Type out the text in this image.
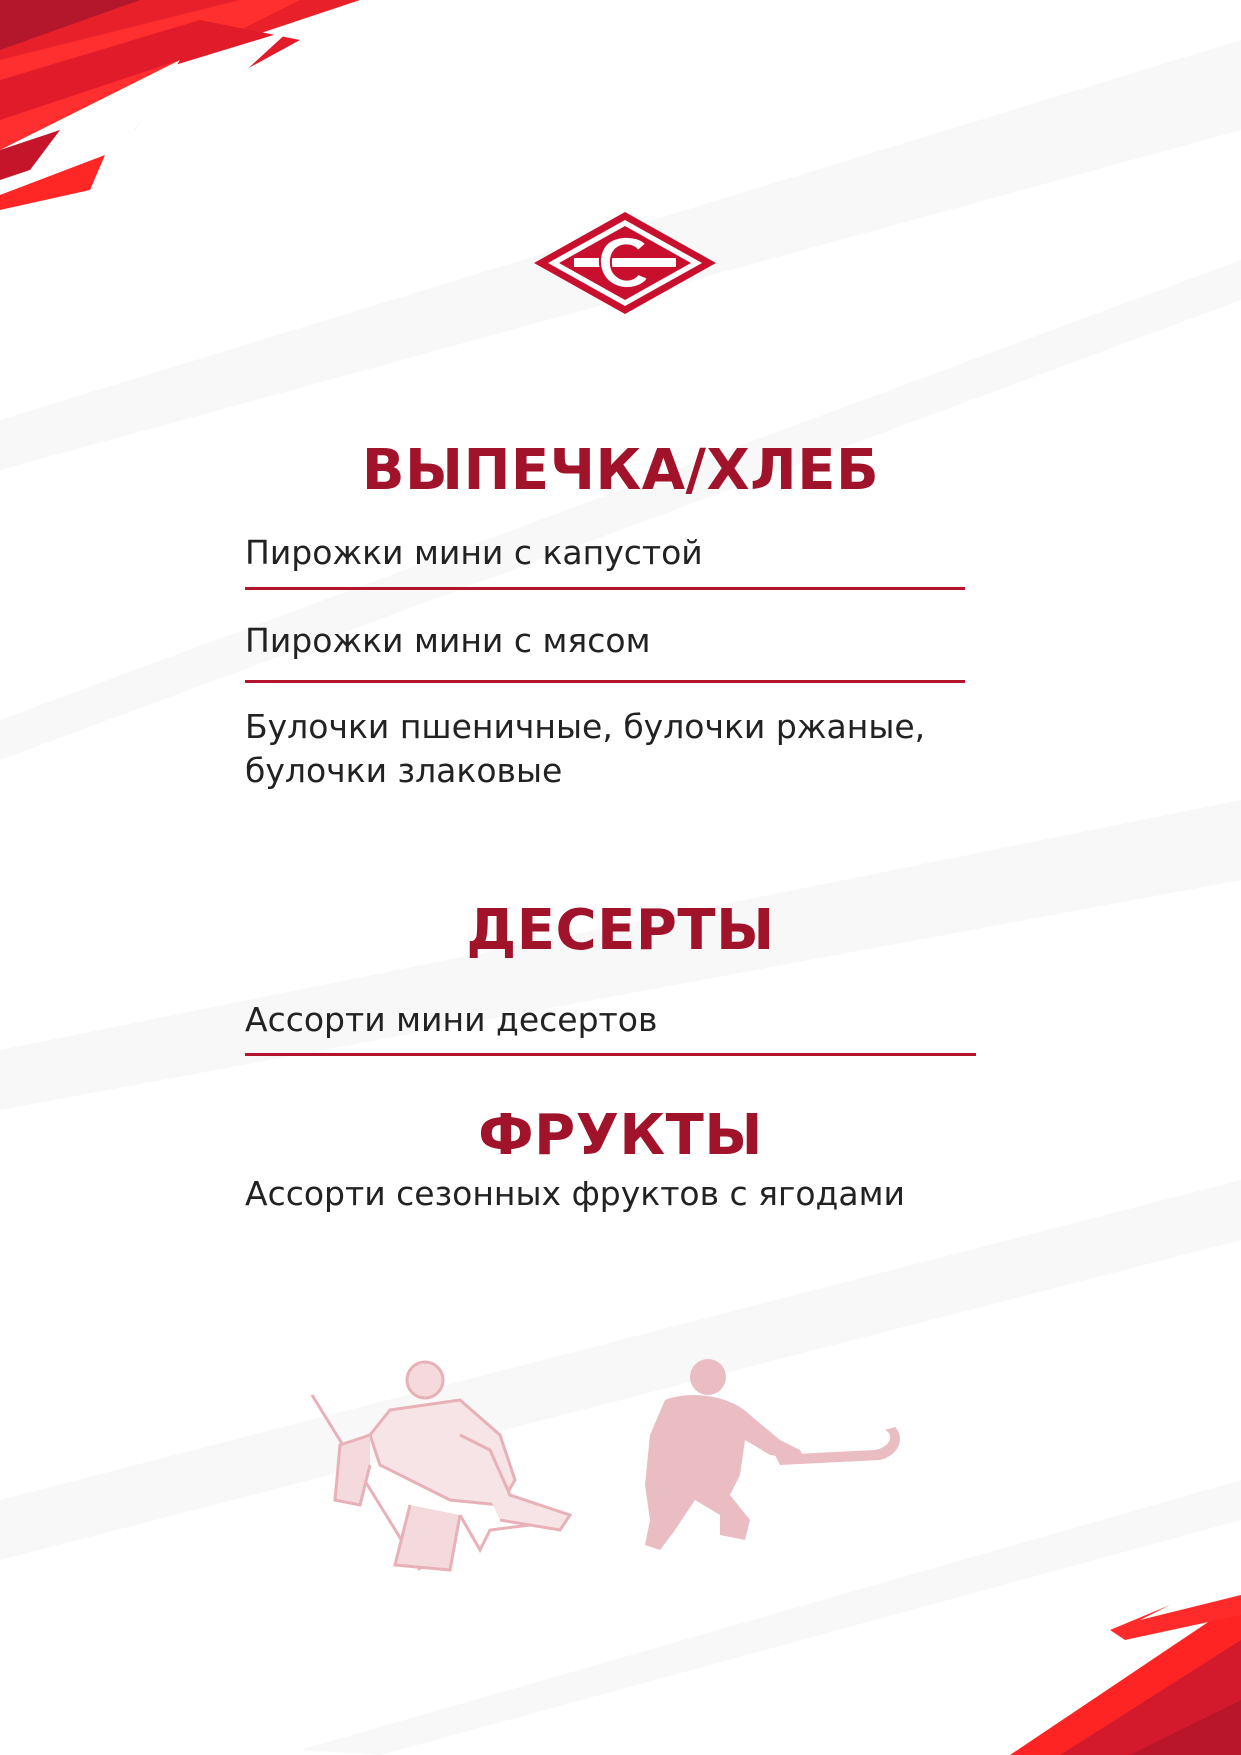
ВЫПЕЧКА/ХЛЕБ
Пирожки мини с капустой
Пирожки мини с мясом
Булочки пшеничные, булочки ржаные,
булочки злаковые
ДЕСЕРТЫ
Ассорти мини десертов
ФРУКТЫ
Ассорти сезонных фруктов с ягодами
